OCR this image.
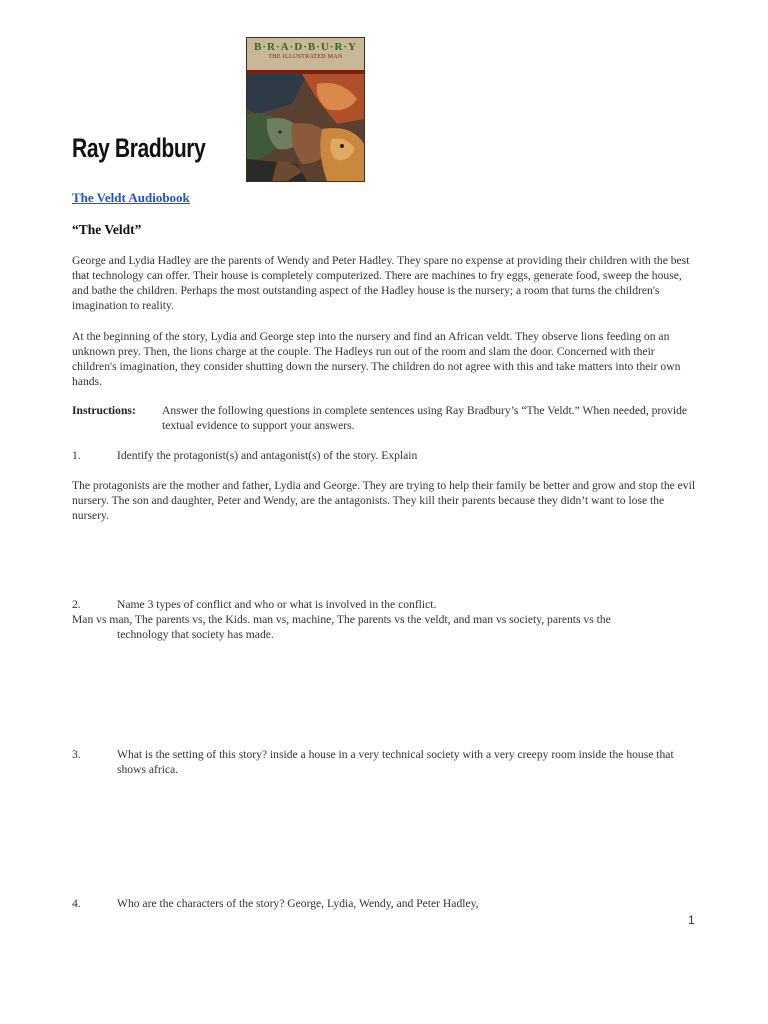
B·R·A·D·B·U·R·Y
THE ILLUSTRATED MAN
Ray Bradbury
The Veldt Audiobook
“The Veldt”

George and Lydia Hadley are the parents of Wendy and Peter Hadley. They spare no expense at providing their children with the best that technology can offer. Their house is completely computerized. There are machines to fry eggs, generate food, sweep the house, and bathe the children. Perhaps the most outstanding aspect of the Hadley house is the nursery; a room that turns the children's imagination to reality.

At the beginning of the story, Lydia and George step into the nursery and find an African veldt. They observe lions feeding on an unknown prey. Then, the lions charge at the couple. The Hadleys run out of the room and slam the door. Concerned with their children's imagination, they consider shutting down the nursery. The children do not agree with this and take matters into their own hands.

Instructions: Answer the following questions in complete sentences using Ray Bradbury’s “The Veldt.” When needed, provide textual evidence to support your answers.
1.	Identify the protagonist(s) and antagonist(s) of the story. Explain

The protagonists are the mother and father, Lydia and George. They are trying to help their family be better and grow and stop the evil nursery. The son and daughter, Peter and Wendy, are the antagonists. They kill their parents because they didn’t want to lose the nursery.

2.	Name 3 types of conflict and who or what is involved in the conflict.
Man vs man, The parents vs, the Kids. man vs, machine, The parents vs the veldt, and man vs society, parents vs the
technology that society has made.
3.	What is the setting of this story? inside a house in a very technical society with a very creepy room inside the house that shows africa.
4.	Who are the characters of the story? George, Lydia, Wendy, and Peter Hadley,
1
